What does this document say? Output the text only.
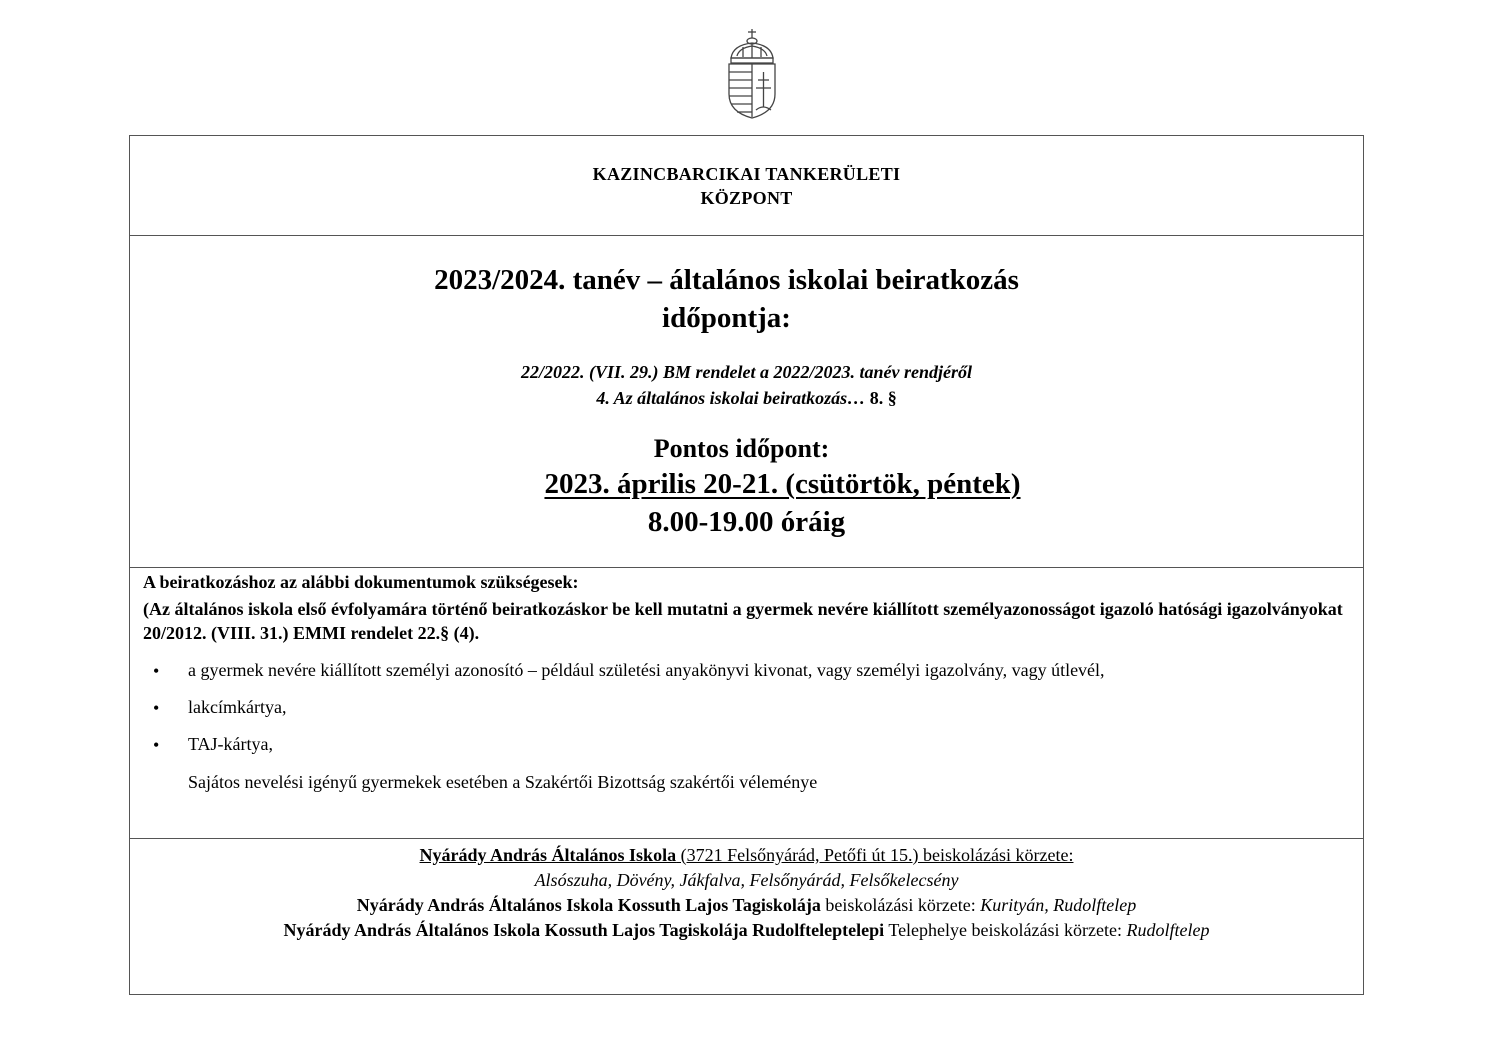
KAZINCBARCIKAI TANKERÜLETI
KÖZPONT
2023/2024. tanév – általános iskolai beiratkozás
időpontja:
22/2022. (VII. 29.) BM rendelet a 2022/2023. tanév rendjéről
4. Az általános iskolai beiratkozás… 8. §
Pontos időpont:
2023. április 20-21. (csütörtök, péntek)
8.00-19.00 óráig
A beiratkozáshoz az alábbi dokumentumok szükségesek:
(Az általános iskola első évfolyamára történő beiratkozáskor be kell mutatni a gyermek nevére kiállított személyazonosságot igazoló hatósági igazolványokat 20/2012. (VIII. 31.) EMMI rendelet 22.§ (4).
• a gyermek nevére kiállított személyi azonosító – például születési anyakönyvi kivonat, vagy személyi igazolvány, vagy útlevél,
• lakcímkártya,
• TAJ-kártya,
Sajátos nevelési igényű gyermekek esetében a Szakértői Bizottság szakértői véleménye
Nyárády András Általános Iskola (3721 Felsőnyárád, Petőfi út 15.) beiskolázási körzete:
Alsószuha, Dövény, Jákfalva, Felsőnyárád, Felsőkelecsény
Nyárády András Általános Iskola Kossuth Lajos Tagiskolája beiskolázási körzete: Kurityán, Rudolftelep
Nyárády András Általános Iskola Kossuth Lajos Tagiskolája Rudolfteleptelepi Telephelye beiskolázási körzete: Rudolftelep
